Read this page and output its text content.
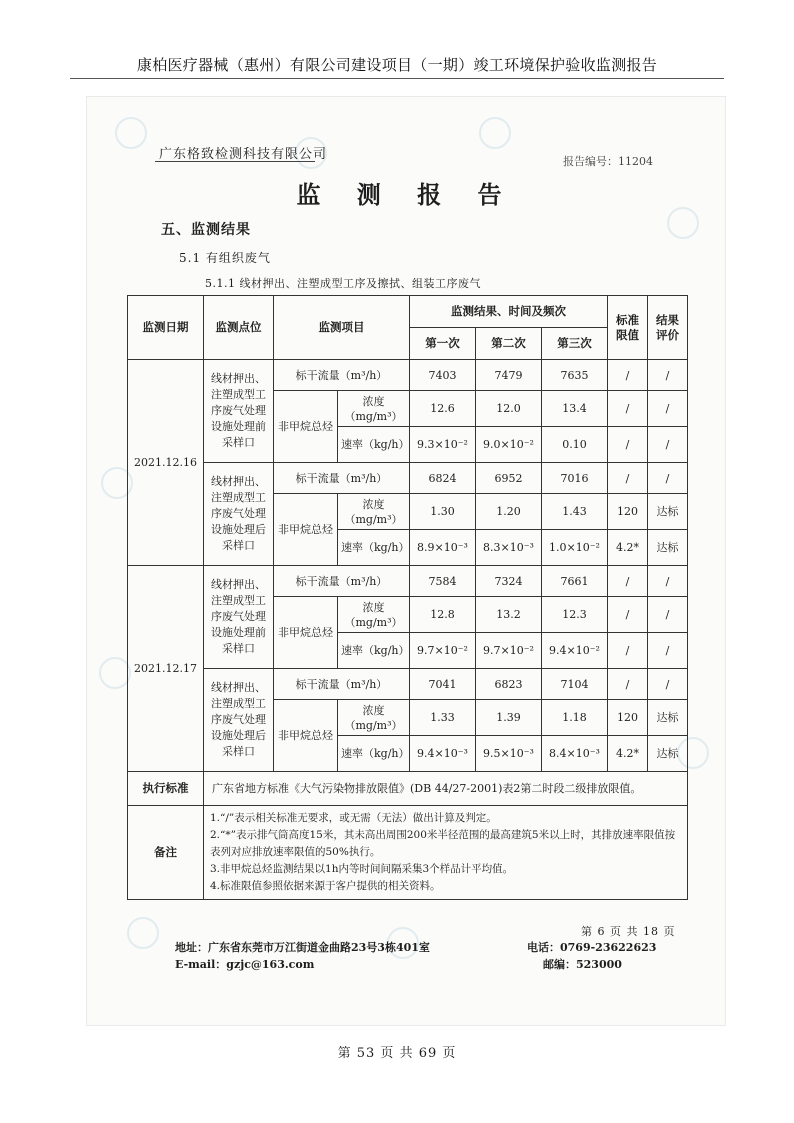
康柏医疗器械（惠州）有限公司建设项目（一期）竣工环境保护验收监测报告
广东格致检测科技有限公司	报告编号：11204
监 测 报 告
五、监测结果
5.1 有组织废气
5.1.1 线材押出、注塑成型工序及擦拭、组装工序废气
监测日期	监测点位	监测项目		监测结果、时间及频次			标准限值	结果评价
				第一次	第二次	第三次		
2021.12.16	线材押出、注塑成型工序废气处理设施处理前采样口	标干流量（m³/h）		7403	7479	7635	/	/
		非甲烷总烃	浓度（mg/m³）	12.6	12.0	13.4	/	/
			速率（kg/h）	9.3×10⁻²	9.0×10⁻²	0.10	/	/
	线材押出、注塑成型工序废气处理设施处理后采样口	标干流量（m³/h）		6824	6952	7016	/	/
		非甲烷总烃	浓度（mg/m³）	1.30	1.20	1.43	120	达标
			速率（kg/h）	8.9×10⁻³	8.3×10⁻³	1.0×10⁻²	4.2*	达标
2021.12.17	线材押出、注塑成型工序废气处理设施处理前采样口	标干流量（m³/h）		7584	7324	7661	/	/
		非甲烷总烃	浓度（mg/m³）	12.8	13.2	12.3	/	/
			速率（kg/h）	9.7×10⁻²	9.7×10⁻²	9.4×10⁻²	/	/
	线材押出、注塑成型工序废气处理设施处理后采样口	标干流量（m³/h）		7041	6823	7104	/	/
		非甲烷总烃	浓度（mg/m³）	1.33	1.39	1.18	120	达标
			速率（kg/h）	9.4×10⁻³	9.5×10⁻³	8.4×10⁻³	4.2*	达标
执行标准	广东省地方标准《大气污染物排放限值》(DB 44/27-2001)表2第二时段二级排放限值。							
备注	1.“/”表示相关标准无要求，或无需（无法）做出计算及判定。
2.“*”表示排气筒高度15米，其未高出周围200米半径范围的最高建筑5米以上时，其排放速率限值按表列对应排放速率限值的50%执行。
3.非甲烷总烃监测结果以1h内等时间间隔采集3个样品计平均值。
4.标准限值参照依据来源于客户提供的相关资料。							
第 6 页 共 18 页
地址：广东省东莞市万江街道金曲路23号3栋401室
E-mail：gzjc@163.com
电话：0769-23622623
邮编：523000
第 53 页 共 69 页
